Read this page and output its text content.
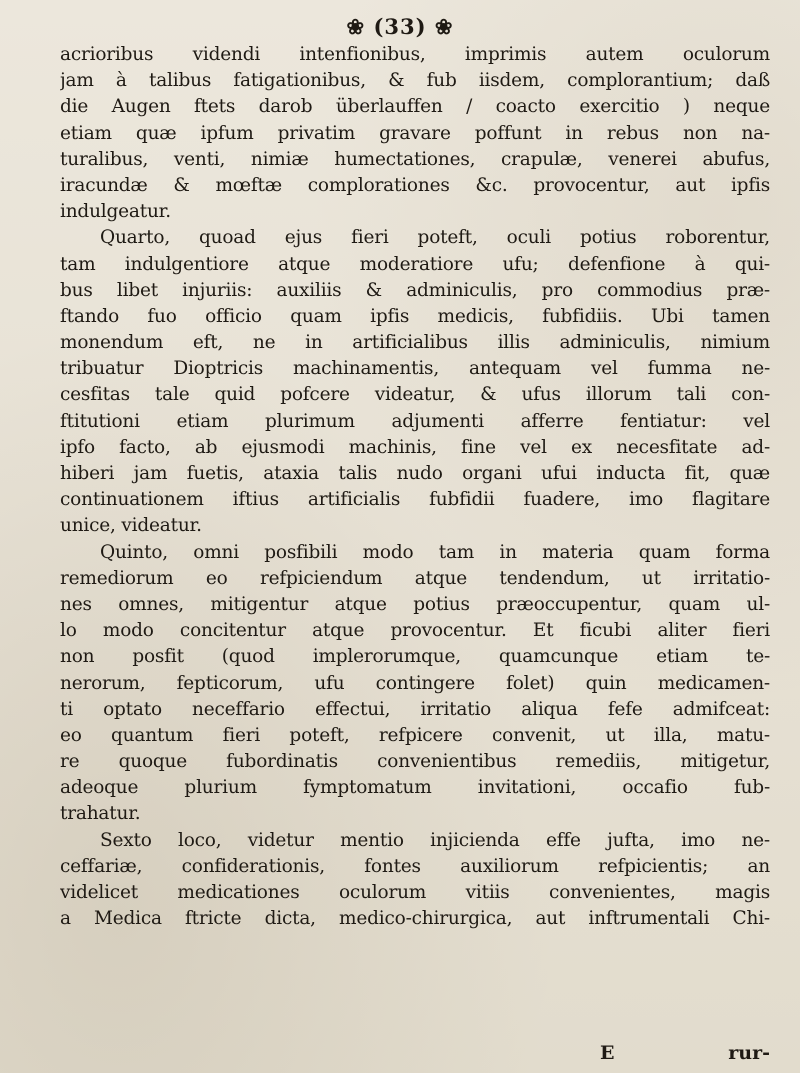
❀ (33) ❀
acrioribus videndi intenfionibus, imprimis autem oculorum
jam à talibus fatigationibus, & fub iisdem, complorantium; daß
die Augen ftets darob überlauffen / coacto exercitio ) neque
etiam quæ ipfum privatim gravare poffunt in rebus non na-
turalibus, venti, nimiæ humectationes, crapulæ, venerei abufus,
iracundæ & mœftæ complorationes &c. provocentur, aut ipfis
indulgeatur.
Quarto, quoad ejus fieri poteft, oculi potius roborentur,
tam indulgentiore atque moderatiore ufu; defenfione à qui-
bus libet injuriis: auxiliis & adminiculis, pro commodius præ-
ftando fuo officio quam ipfis medicis, fubfidiis. Ubi tamen
monendum eft, ne in artificialibus illis adminiculis, nimium
tribuatur Dioptricis machinamentis, antequam vel fumma ne-
cesfitas tale quid pofcere videatur, & ufus illorum tali con-
ftitutioni etiam plurimum adjumenti afferre fentiatur: vel
ipfo facto, ab ejusmodi machinis, fine vel ex necesfitate ad-
hiberi jam fuetis, ataxia talis nudo organi ufui inducta fit, quæ
continuationem iftius artificialis fubfidii fuadere, imo flagitare
unice, videatur.
Quinto, omni posfibili modo tam in materia quam forma
remediorum eo refpiciendum atque tendendum, ut irritatio-
nes omnes, mitigentur atque potius præoccupentur, quam ul-
lo modo concitentur atque provocentur. Et ficubi aliter fieri
non posfit (quod implerorumque, quamcunque etiam te-
nerorum, fepticorum, ufu contingere folet) quin medicamen-
ti optato neceffario effectui, irritatio aliqua fefe admifceat:
eo quantum fieri poteft, refpicere convenit, ut illa, matu-
re quoque fubordinatis convenientibus remediis, mitigetur,
adeoque plurium fymptomatum invitationi, occafio fub-
trahatur.
Sexto loco, videtur mentio injicienda effe jufta, imo ne-
ceffariæ, confiderationis, fontes auxiliorum refpicientis; an
videlicet medicationes oculorum vitiis convenientes, magis
a Medica ftricte dicta, medico-chirurgica, aut inftrumentali Chi-
E	rur-
